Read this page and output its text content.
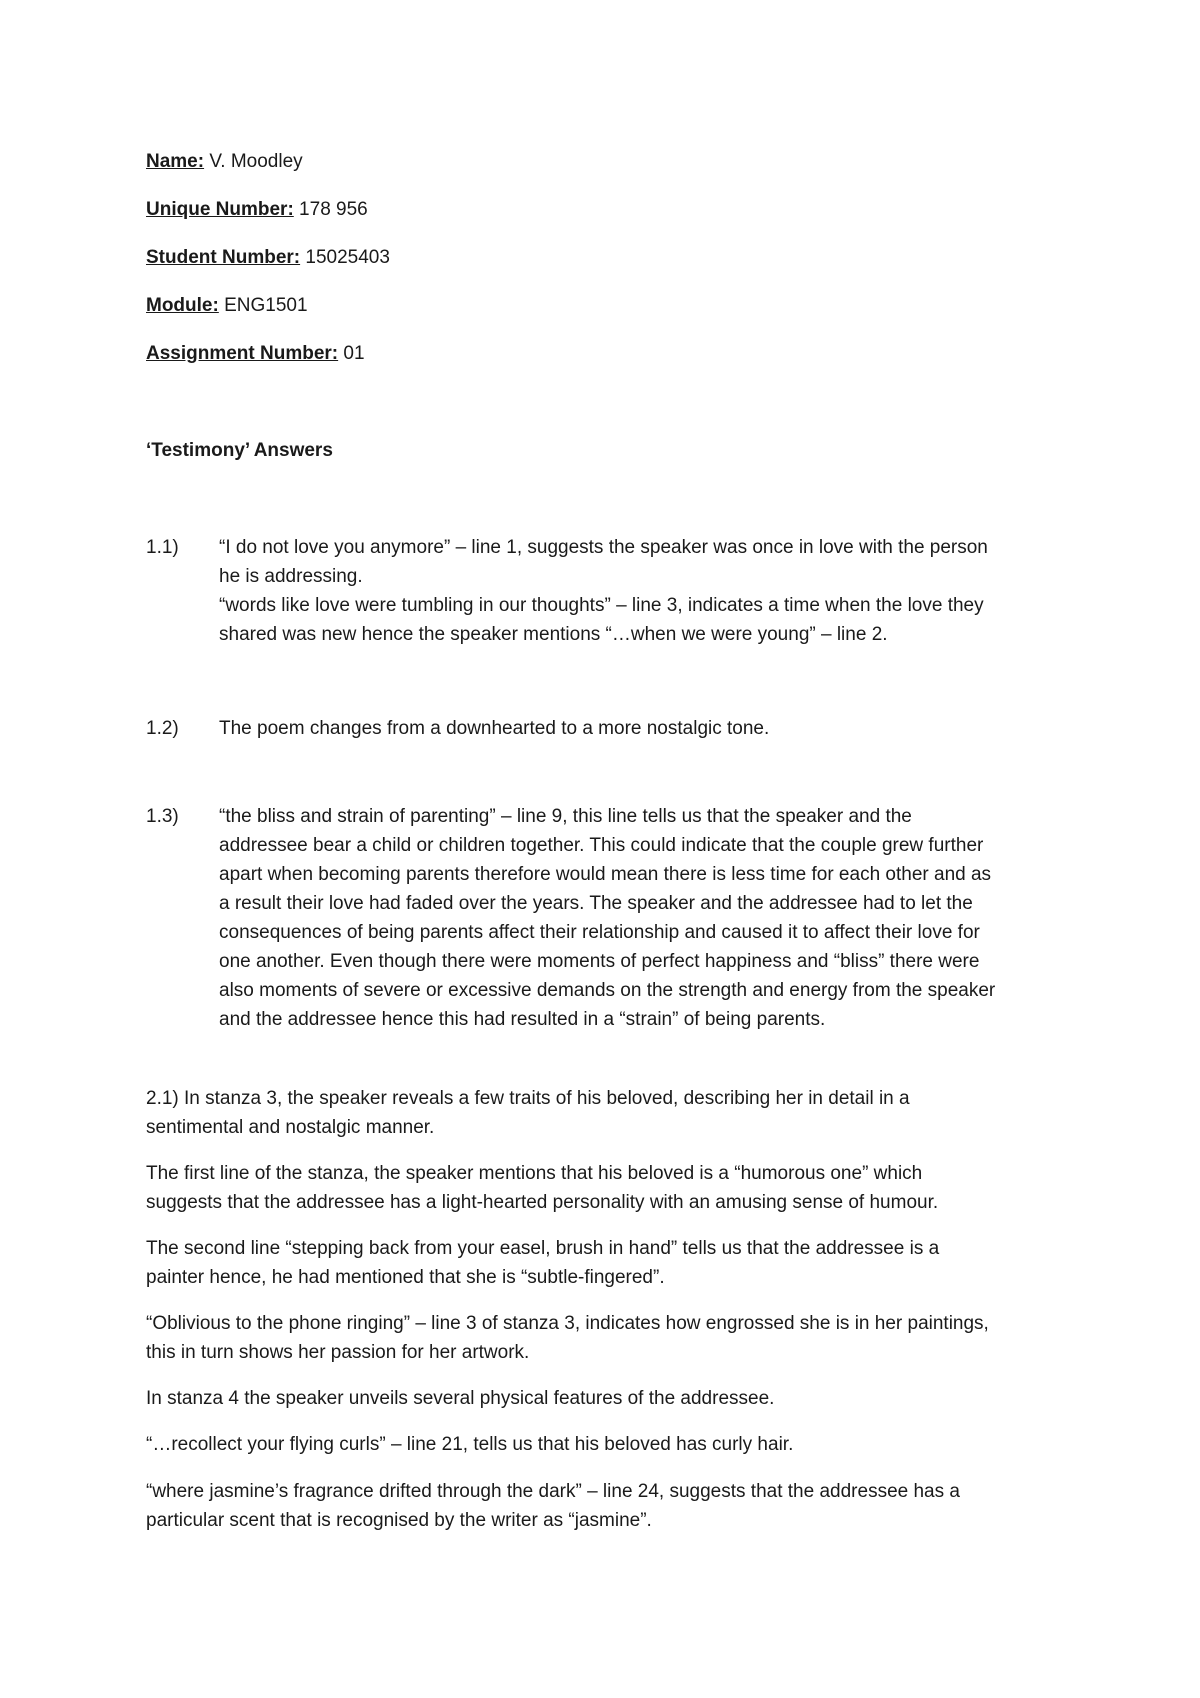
Name: V. Moodley
Unique Number: 178 956
Student Number: 15025403
Module: ENG1501
Assignment Number: 01
‘Testimony’ Answers
1.1) “I do not love you anymore” – line 1, suggests the speaker was once in love with the person

he is addressing.

“words like love were tumbling in our thoughts” – line 3, indicates a time when the love they

shared was new hence the speaker mentions “…when we were young” – line 2.

1.2) The poem changes from a downhearted to a more nostalgic tone.

1.3) “the bliss and strain of parenting” – line 9, this line tells us that the speaker and the

addressee bear a child or children together. This could indicate that the couple grew further

apart when becoming parents therefore would mean there is less time for each other and as

a result their love had faded over the years. The speaker and the addressee had to let the

consequences of being parents affect their relationship and caused it to affect their love for

one another. Even though there were moments of perfect happiness and “bliss” there were

also moments of severe or excessive demands on the strength and energy from the speaker

and the addressee hence this had resulted in a “strain” of being parents.

2.1) In stanza 3, the speaker reveals a few traits of his beloved, describing her in detail in a

sentimental and nostalgic manner.

The first line of the stanza, the speaker mentions that his beloved is a “humorous one” which

suggests that the addressee has a light-hearted personality with an amusing sense of humour.

The second line “stepping back from your easel, brush in hand” tells us that the addressee is a

painter hence, he had mentioned that she is “subtle-fingered”.

“Oblivious to the phone ringing” – line 3 of stanza 3, indicates how engrossed she is in her paintings,

this in turn shows her passion for her artwork.

In stanza 4 the speaker unveils several physical features of the addressee.

“…recollect your flying curls” – line 21, tells us that his beloved has curly hair.

“where jasmine’s fragrance drifted through the dark” – line 24, suggests that the addressee has a

particular scent that is recognised by the writer as “jasmine”.
